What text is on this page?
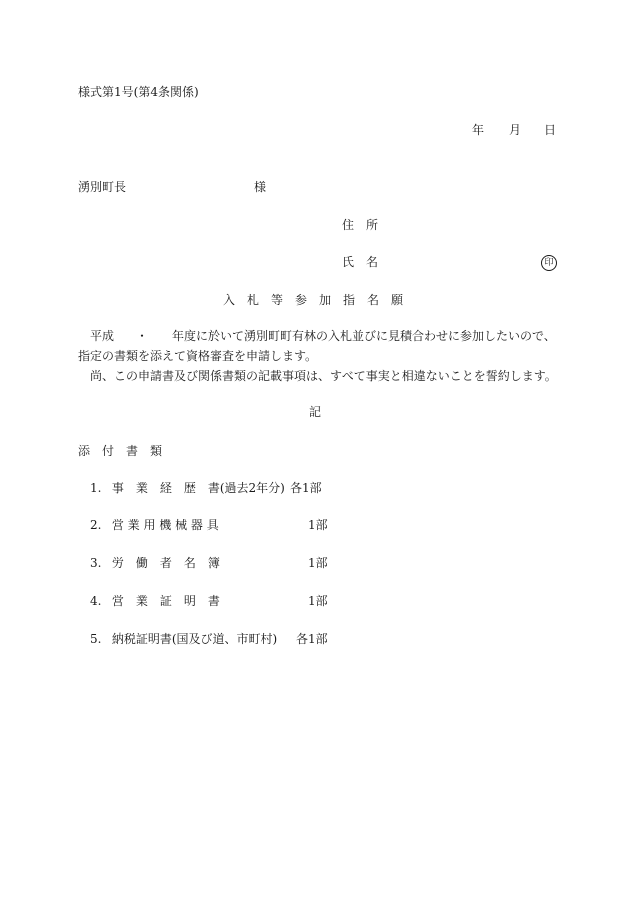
様式第1号(第4条関係)
年 月 日
湧別町長	様
住　所
氏　名	印
入　札　等　参　加　指　名　願
平成 ・ 年度に於いて湧別町町有林の入札並びに見積合わせに参加したいので、
指定の書類を添えて資格審査を申請します。
尚、この申請書及び関係書類の記載事項は、すべて事実と相違ないことを誓約します。
記
添　付　書　類
1. 事　業　経　歴　書(過去2年分) 各1部
2. 営 業 用 機 械 器 具	1部
3. 労　働　者　名　簿	1部
4. 営　業　証　明　書	1部
5. 納税証明書(国及び道、市町村) 各1部
